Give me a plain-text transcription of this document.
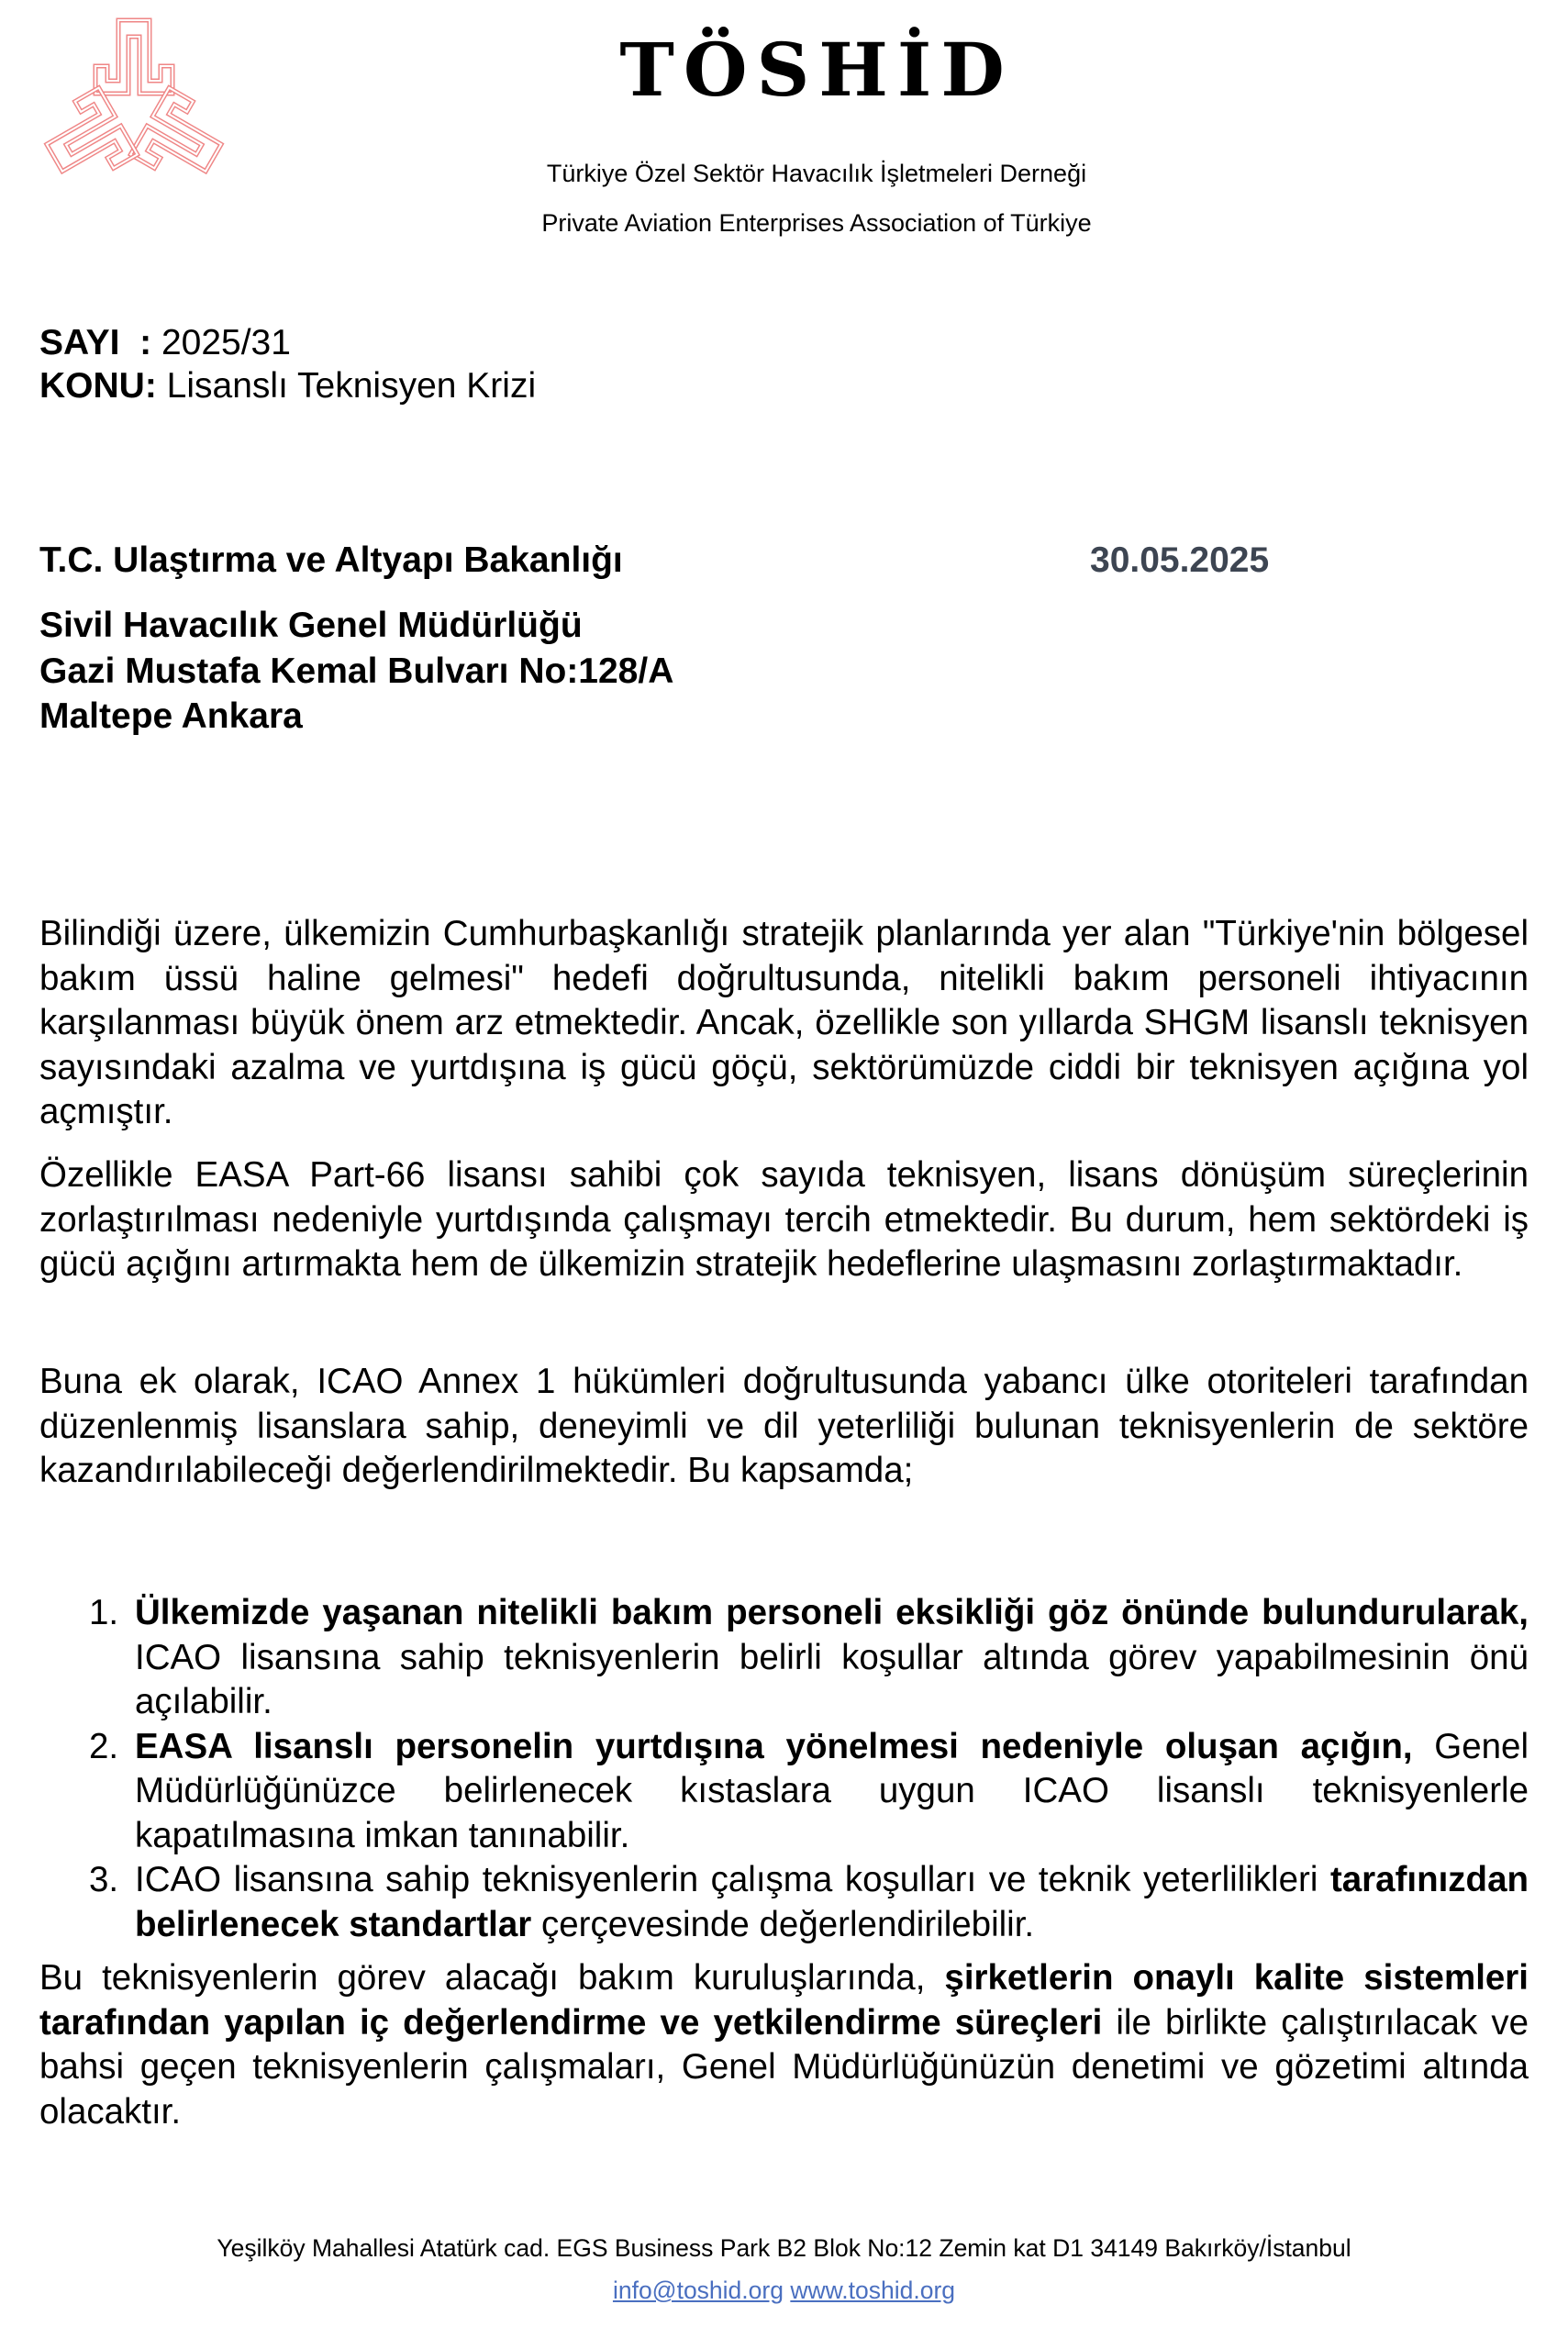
TÖSHİD
Türkiye Özel Sektör Havacılık İşletmeleri Derneği
Private Aviation Enterprises Association of Türkiye
SAYI  : 2025/31
KONU: Lisanslı Teknisyen Krizi
T.C. Ulaştırma ve Altyapı Bakanlığı	30.05.2025
Sivil Havacılık Genel Müdürlüğü
Gazi Mustafa Kemal Bulvarı No:128/A
Maltepe Ankara
Bilindiği üzere, ülkemizin Cumhurbaşkanlığı stratejik planlarında yer alan "Türkiye'nin bölgesel bakım üssü haline gelmesi" hedefi doğrultusunda, nitelikli bakım personeli ihtiyacının karşılanması büyük önem arz etmektedir. Ancak, özellikle son yıllarda SHGM lisanslı teknisyen sayısındaki azalma ve yurtdışına iş gücü göçü, sektörümüzde ciddi bir teknisyen açığına yol açmıştır.
Özellikle EASA Part-66 lisansı sahibi çok sayıda teknisyen, lisans dönüşüm süreçlerinin zorlaştırılması nedeniyle yurtdışında çalışmayı tercih etmektedir. Bu durum, hem sektördeki iş gücü açığını artırmakta hem de ülkemizin stratejik hedeflerine ulaşmasını zorlaştırmaktadır.
Buna ek olarak, ICAO Annex 1 hükümleri doğrultusunda yabancı ülke otoriteleri tarafından düzenlenmiş lisanslara sahip, deneyimli ve dil yeterliliği bulunan teknisyenlerin de sektöre kazandırılabileceği değerlendirilmektedir. Bu kapsamda;
1. Ülkemizde yaşanan nitelikli bakım personeli eksikliği göz önünde bulundurularak, ICAO lisansına sahip teknisyenlerin belirli koşullar altında görev yapabilmesinin önü açılabilir.
2. EASA lisanslı personelin yurtdışına yönelmesi nedeniyle oluşan açığın, Genel Müdürlüğünüzce belirlenecek kıstaslara uygun ICAO lisanslı teknisyenlerle kapatılmasına imkan tanınabilir.
3. ICAO lisansına sahip teknisyenlerin çalışma koşulları ve teknik yeterlilikleri tarafınızdan belirlenecek standartlar çerçevesinde değerlendirilebilir.
Bu teknisyenlerin görev alacağı bakım kuruluşlarında, şirketlerin onaylı kalite sistemleri tarafından yapılan iç değerlendirme ve yetkilendirme süreçleri ile birlikte çalıştırılacak ve bahsi geçen teknisyenlerin çalışmaları, Genel Müdürlüğünüzün denetimi ve gözetimi altında olacaktır.
Yeşilköy Mahallesi Atatürk cad. EGS Business Park B2 Blok No:12 Zemin kat D1 34149 Bakırköy/İstanbul
info@toshid.org www.toshid.org
